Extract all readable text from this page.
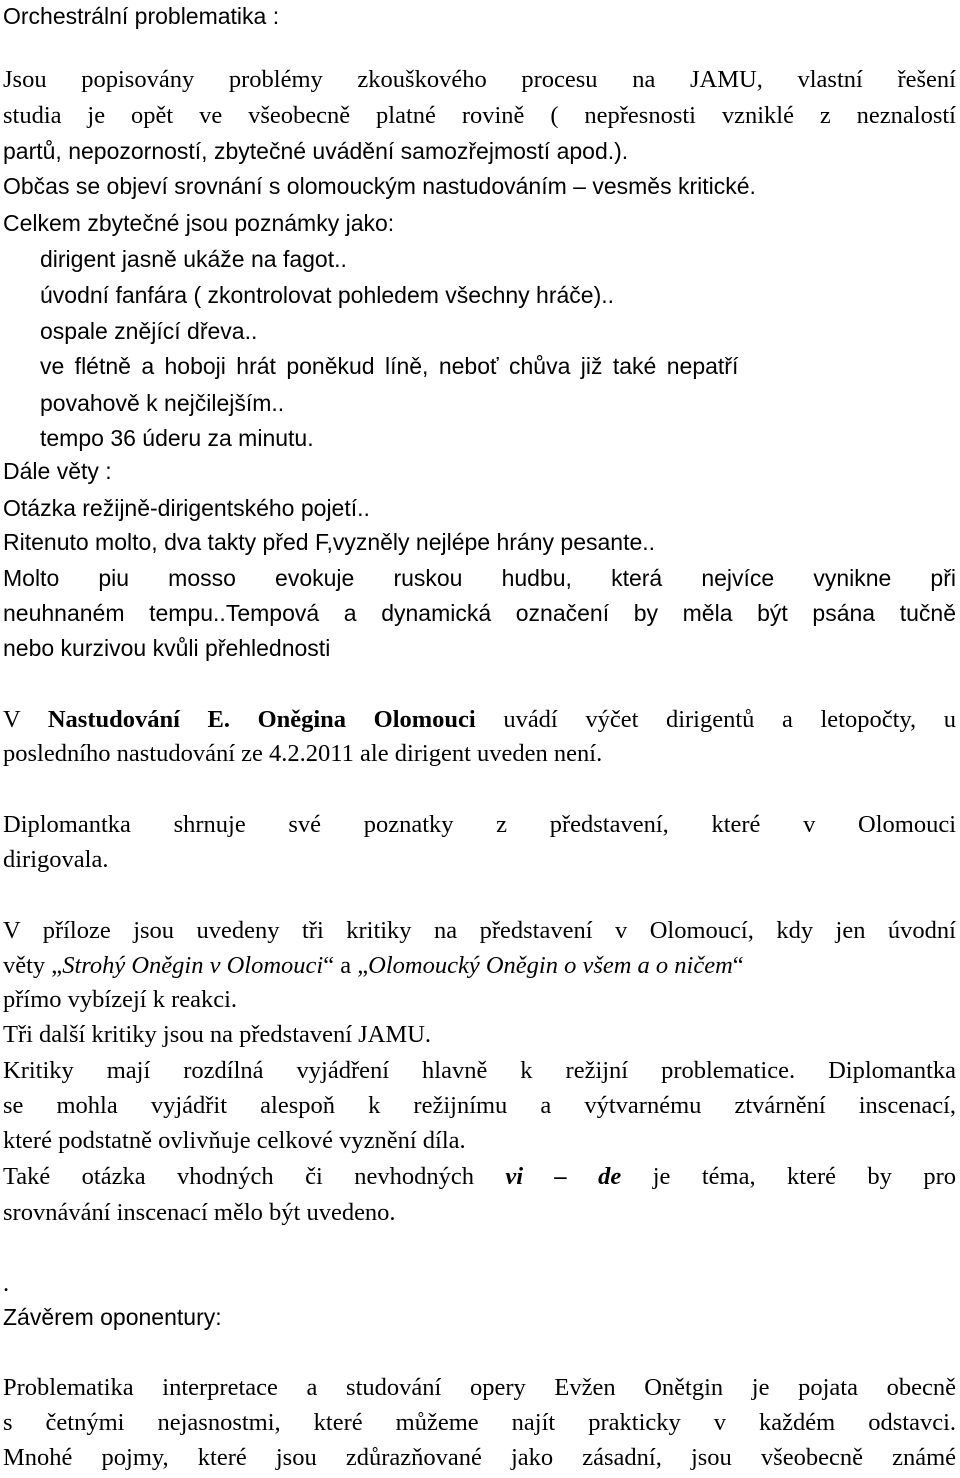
Orchestrální problematika :
Jsou popisovány problémy zkouškového procesu na JAMU, vlastní řešení
studia je opět ve všeobecně platné rovině ( nepřesnosti vzniklé z neznalostí
partů, nepozorností, zbytečné uvádění samozřejmostí apod.).
Občas se objeví srovnání s olomouckým nastudováním – vesměs kritické.
Celkem zbytečné jsou poznámky jako:
dirigent jasně ukáže na fagot..
úvodní fanfára ( zkontrolovat pohledem všechny hráče)..
ospale znějící dřeva..
ve flétně a hoboji hrát poněkud líně, neboť chůva již také nepatří
povahově k nejčilejším..
tempo 36 úderu za minutu.
Dále věty :
Otázka režijně-dirigentského pojetí..
Ritenuto molto, dva takty před F,vyzněly nejlépe hrány pesante..
Molto piu mosso evokuje ruskou hudbu, která nejvíce vynikne při
neuhnaném tempu..Tempová a dynamická označení by měla být psána tučně
nebo kurzivou kvůli přehlednosti
V Nastudování E. Oněgina Olomouci uvádí výčet dirigentů a letopočty, u
posledního nastudování ze 4.2.2011 ale dirigent uveden není.
Diplomantka shrnuje své poznatky z představení, které v Olomouci
dirigovala.
V příloze jsou uvedeny tři kritiky na představení v Olomoucí, kdy jen úvodní
věty „Strohý Oněgin v Olomouci“ a „Olomoucký Oněgin o všem a o ničem“
přímo vybízejí k reakci.
Tři další kritiky jsou na představení JAMU.
Kritiky mají rozdílná vyjádření hlavně k režijní problematice. Diplomantka
se mohla vyjádřit alespoň k režijnímu a výtvarnému ztvárnění inscenací,
které podstatně ovlivňuje celkové vyznění díla.
Také otázka vhodných či nevhodných vi – de je téma, které by pro
srovnávání inscenací mělo být uvedeno.
.
Závěrem oponentury:
Problematika interpretace a studování opery Evžen Onětgin je pojata obecně
s četnými nejasnostmi, které můžeme najít prakticky v každém odstavci.
Mnohé pojmy, které jsou zdůrazňované jako zásadní, jsou všeobecně známé
